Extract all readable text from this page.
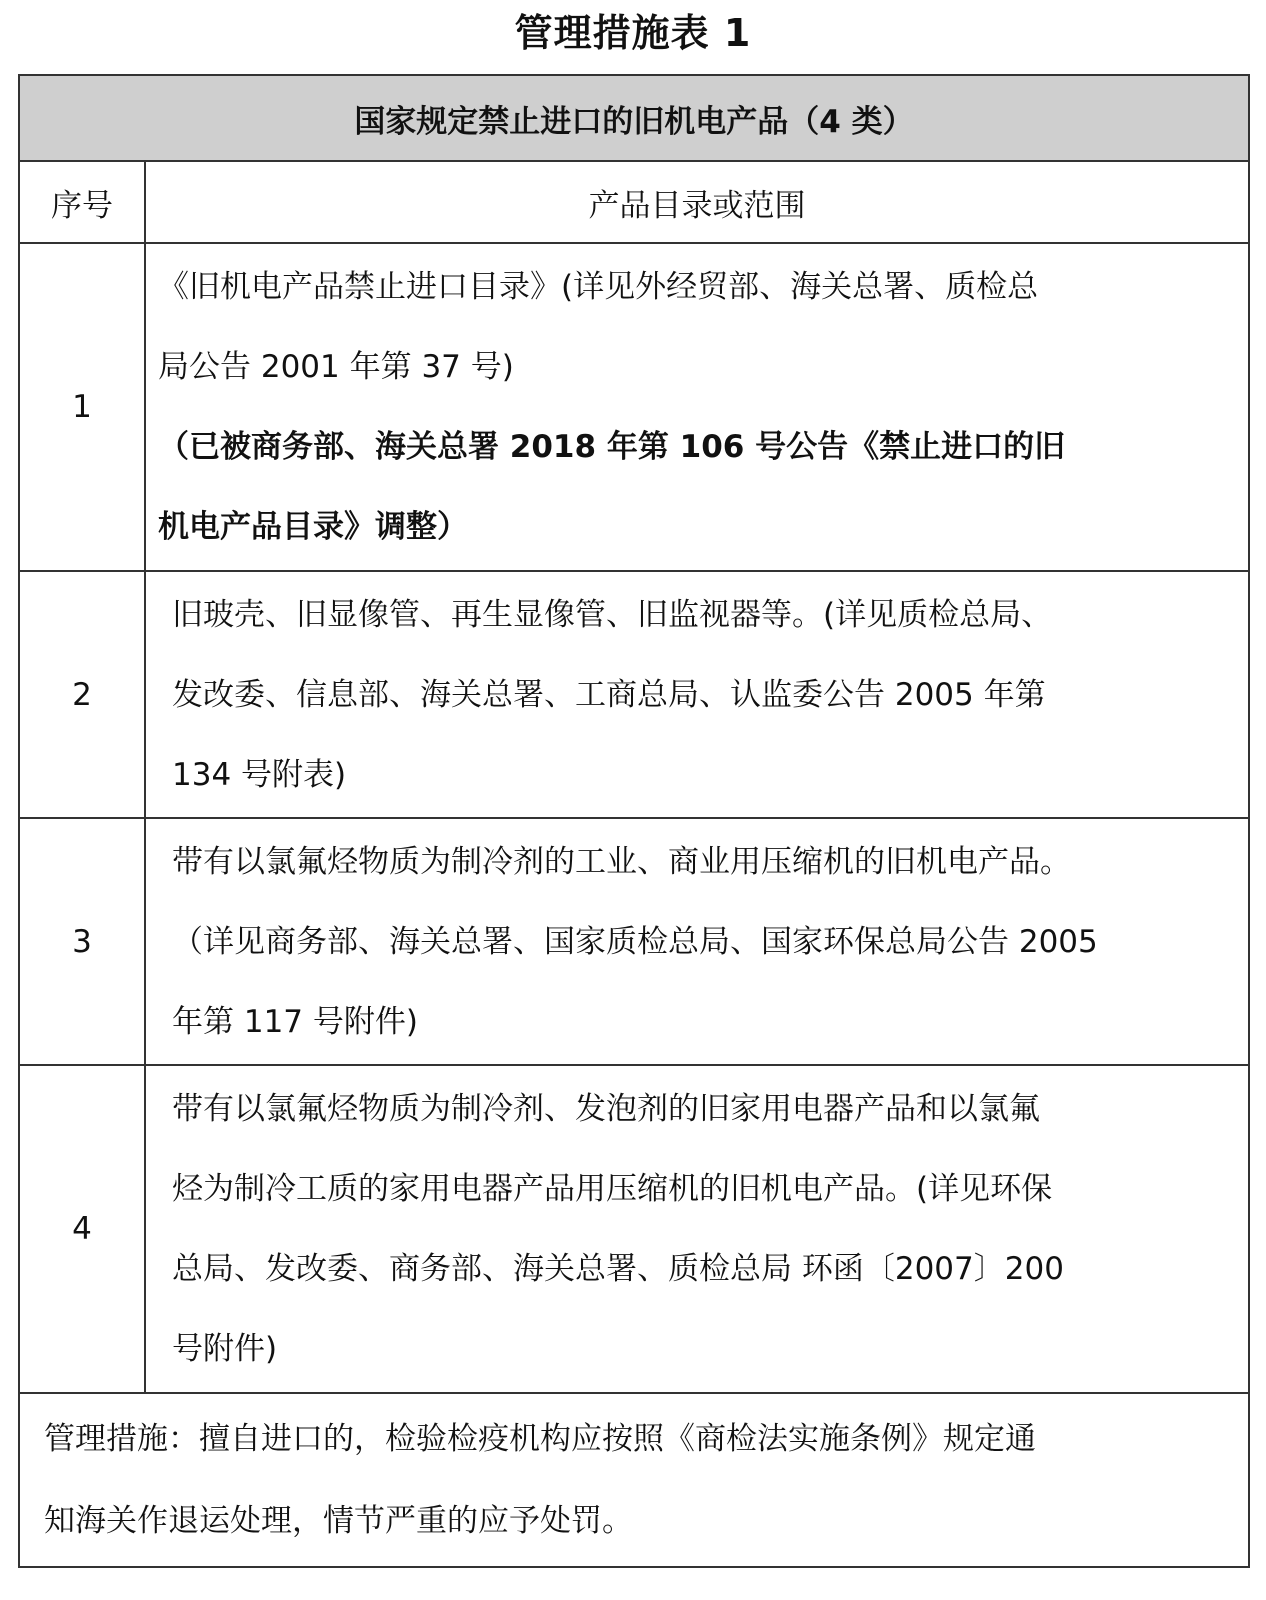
管理措施表 1
国家规定禁止进口的旧机电产品（4 类）	
序号	产品目录或范围
1	《旧机电产品禁止进口目录》(详见外经贸部、海关总署、质检总

局公告 2001 年第 37 号)

（已被商务部、海关总署 2018 年第 106 号公告《禁止进口的旧

机电产品目录》调整）

2	旧玻壳、旧显像管、再生显像管、旧监视器等。(详见质检总局、

发改委、信息部、海关总署、工商总局、认监委公告 2005 年第

134 号附表)

3	带有以氯氟烃物质为制冷剂的工业、商业用压缩机的旧机电产品。

（详见商务部、海关总署、国家质检总局、国家环保总局公告 2005

年第 117 号附件)

4	带有以氯氟烃物质为制冷剂、发泡剂的旧家用电器产品和以氯氟

烃为制冷工质的家用电器产品用压缩机的旧机电产品。(详见环保

总局、发改委、商务部、海关总署、质检总局 环函〔2007〕200

号附件)

管理措施：擅自进口的，检验检疫机构应按照《商检法实施条例》规定通

知海关作退运处理，情节严重的应予处罚。	
